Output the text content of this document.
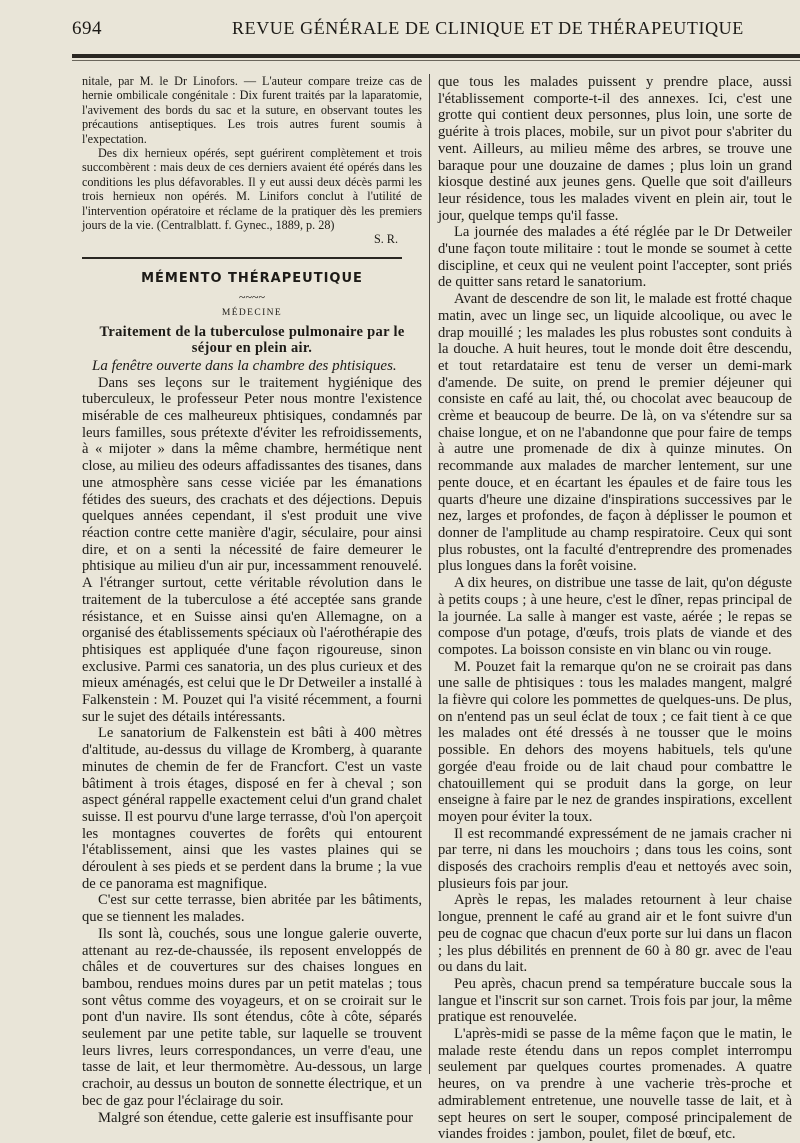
694	REVUE GÉNÉRALE DE CLINIQUE ET DE THÉRAPEUTIQUE

nitale, par M. le Dr Linofors. — L'auteur compare treize cas de hernie ombilicale congénitale : Dix furent traités par la laparatomie, l'avivement des bords du sac et la suture, en observant toutes les précautions antiseptiques. Les trois autres furent soumis à l'expectation.

Des dix hernieux opérés, sept guérirent complètement et trois succombèrent : mais deux de ces derniers avaient été opérés dans les conditions les plus défavorables. Il y eut aussi deux décès parmi les trois hernieux non opérés. M. Linifors conclut à l'utilité de l'intervention opératoire et réclame de la pratiquer dès les premiers jours de la vie. (Centralblatt. f. Gynec., 1889, p. 28)

S. R.

MÉMENTO THÉRAPEUTIQUE
~~~~
MÉDECINE
Traitement de la tuberculose pulmonaire par le séjour en plein air.

La fenêtre ouverte dans la chambre des phtisiques.

Dans ses leçons sur le traitement hygiénique des tuberculeux, le professeur Peter nous montre l'existence misérable de ces malheureux phtisiques, condamnés par leurs familles, sous prétexte d'éviter les refroidissements, à « mijoter » dans la même chambre, hermétique nent close, au milieu des odeurs affadissantes des tisanes, dans une atmosphère sans cesse viciée par les émanations fétides des sueurs, des crachats et des déjections. Depuis quelques années cependant, il s'est produit une vive réaction contre cette manière d'agir, séculaire, pour ainsi dire, et on a senti la nécessité de faire demeurer le phtisique au milieu d'un air pur, incessamment renouvelé. A l'étranger surtout, cette véritable révolution dans le traitement de la tuberculose a été acceptée sans grande résistance, et en Suisse ainsi qu'en Allemagne, on a organisé des établissements spéciaux où l'aérothérapie des phtisiques est appliquée d'une façon rigoureuse, sinon exclusive. Parmi ces sanatoria, un des plus curieux et des mieux aménagés, est celui que le Dr Detweiler a installé à Falkenstein : M. Pouzet qui l'a visité récemment, a fourni sur le sujet des détails intéressants.

Le sanatorium de Falkenstein est bâti à 400 mètres d'altitude, au-dessus du village de Kromberg, à quarante minutes de chemin de fer de Francfort. C'est un vaste bâtiment à trois étages, disposé en fer à cheval ; son aspect général rappelle exactement celui d'un grand chalet suisse. Il est pourvu d'une large terrasse, d'où l'on aperçoit les montagnes couvertes de forêts qui entourent l'établissement, ainsi que les vastes plaines qui se déroulent à ses pieds et se perdent dans la brume ; la vue de ce panorama est magnifique.

C'est sur cette terrasse, bien abritée par les bâtiments, que se tiennent les malades.

Ils sont là, couchés, sous une longue galerie ouverte, attenant au rez-de-chaussée, ils reposent enveloppés de châles et de couvertures sur des chaises longues en bambou, rendues moins dures par un petit matelas ; tous sont vêtus comme des voyageurs, et on se croirait sur le pont d'un navire. Ils sont étendus, côte à côte, séparés seulement par une petite table, sur laquelle se trouvent leurs livres, leurs correspondances, un verre d'eau, une tasse de lait, et leur thermomètre. Au-dessous, un large crachoir, au dessus un bouton de sonnette électrique, et un bec de gaz pour l'éclairage du soir.

Malgré son étendue, cette galerie est insuffisante pour

que tous les malades puissent y prendre place, aussi l'établissement comporte-t-il des annexes. Ici, c'est une grotte qui contient deux personnes, plus loin, une sorte de guérite à trois places, mobile, sur un pivot pour s'abriter du vent. Ailleurs, au milieu même des arbres, se trouve une baraque pour une douzaine de dames ; plus loin un grand kiosque destiné aux jeunes gens. Quelle que soit d'ailleurs leur résidence, tous les malades vivent en plein air, tout le jour, quelque temps qu'il fasse.

La journée des malades a été réglée par le Dr Detweiler d'une façon toute militaire : tout le monde se soumet à cette discipline, et ceux qui ne veulent point l'accepter, sont priés de quitter sans retard le sanatorium.

Avant de descendre de son lit, le malade est frotté chaque matin, avec un linge sec, un liquide alcoolique, ou avec le drap mouillé ; les malades les plus robustes sont conduits à la douche. A huit heures, tout le monde doit être descendu, et tout retardataire est tenu de verser un demi-mark d'amende. De suite, on prend le premier déjeuner qui consiste en café au lait, thé, ou chocolat avec beaucoup de crème et beaucoup de beurre. De là, on va s'étendre sur sa chaise longue, et on ne l'abandonne que pour faire de temps à autre une promenade de dix à quinze minutes. On recommande aux malades de marcher lentement, sur une pente douce, et en écartant les épaules et de faire tous les quarts d'heure une dizaine d'inspirations successives par le nez, larges et profondes, de façon à déplisser le poumon et donner de l'amplitude au champ respiratoire. Ceux qui sont plus robustes, ont la faculté d'entreprendre des promenades plus longues dans la forêt voisine.

A dix heures, on distribue une tasse de lait, qu'on déguste à petits coups ; à une heure, c'est le dîner, repas principal de la journée. La salle à manger est vaste, aérée ; le repas se compose d'un potage, d'œufs, trois plats de viande et des compotes. La boisson consiste en vin blanc ou vin rouge.

M. Pouzet fait la remarque qu'on ne se croirait pas dans une salle de phtisiques : tous les malades mangent, malgré la fièvre qui colore les pommettes de quelques-uns. De plus, on n'entend pas un seul éclat de toux ; ce fait tient à ce que les malades ont été dressés à ne tousser que le moins possible. En dehors des moyens habituels, tels qu'une gorgée d'eau froide ou de lait chaud pour combattre le chatouillement qui se produit dans la gorge, on leur enseigne à faire par le nez de grandes inspirations, excellent moyen pour éviter la toux.

Il est recommandé expressément de ne jamais cracher ni par terre, ni dans les mouchoirs ; dans tous les coins, sont disposés des crachoirs remplis d'eau et nettoyés avec soin, plusieurs fois par jour.

Après le repas, les malades retournent à leur chaise longue, prennent le café au grand air et le font suivre d'un peu de cognac que chacun d'eux porte sur lui dans un flacon ; les plus débilités en prennent de 60 à 80 gr. avec de l'eau ou dans du lait.

Peu après, chacun prend sa température buccale sous la langue et l'inscrit sur son carnet. Trois fois par jour, la même pratique est renouvelée.

L'après-midi se passe de la même façon que le matin, le malade reste étendu dans un repos complet interrompu seulement par quelques courtes promenades. A quatre heures, on va prendre à une vacherie très-proche et admirablement entretenue, une nouvelle tasse de lait, et à sept heures on sert le souper, composé principalement de viandes froides : jambon, poulet, filet de bœuf, etc.
